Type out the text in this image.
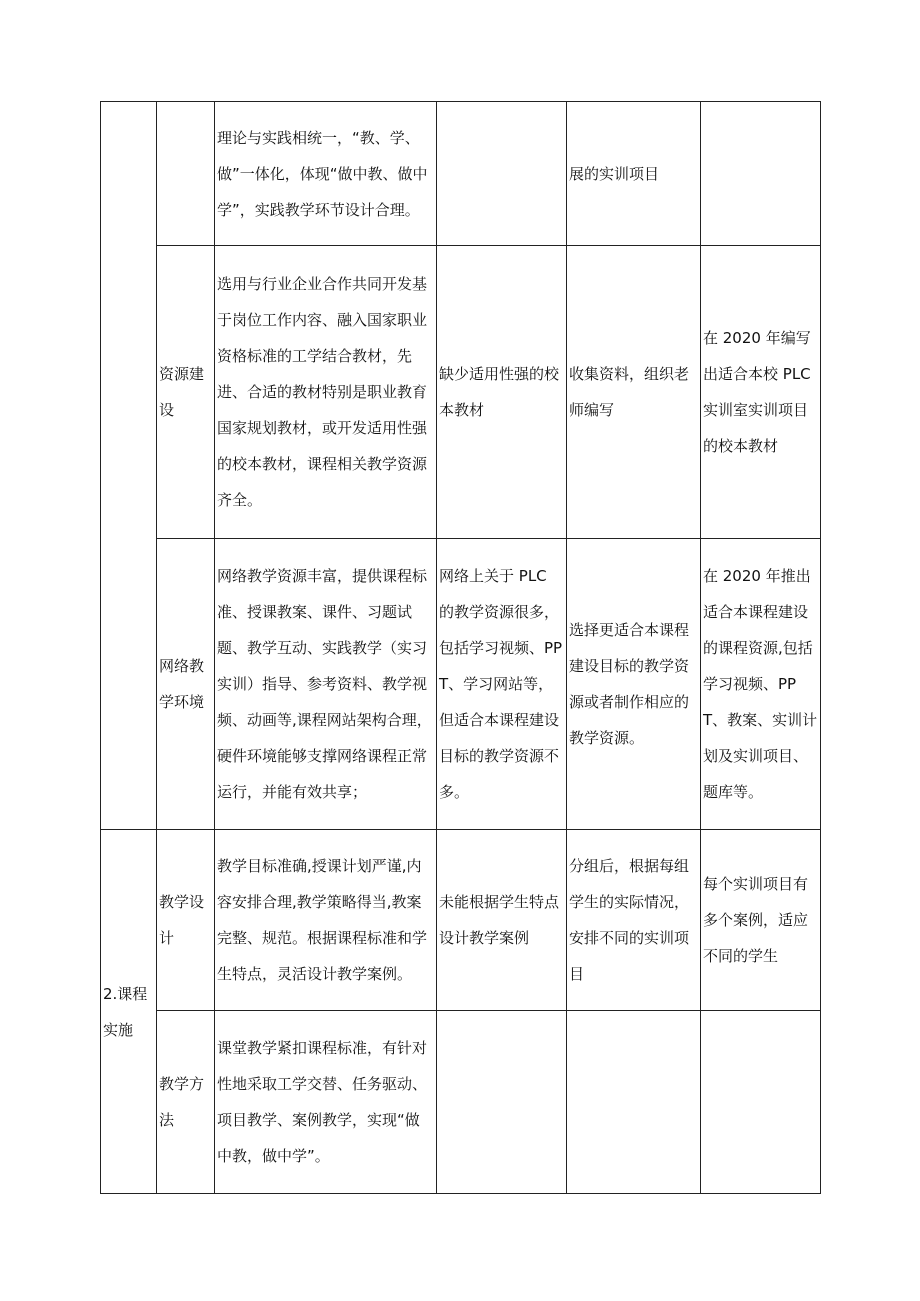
		理论与实践相统一，“教、学、做”一体化，体现“做中教、做中学”，实践教学环节设计合理。		展的实训项目	
	资源建设	选用与行业企业合作共同开发基于岗位工作内容、融入国家职业资格标准的工学结合教材，先进、合适的教材特别是职业教育国家规划教材，或开发适用性强的校本教材，课程相关教学资源齐全。	缺少适用性强的校本教材	收集资料，组织老师编写	在 2020 年编写出适合本校 PLC 实训室实训项目的校本教材
	网络教学环境	网络教学资源丰富，提供课程标准、授课教案、课件、习题试题、教学互动、实践教学（实习实训）指导、参考资料、教学视频、动画等,课程网站架构合理，硬件环境能够支撑网络课程正常运行，并能有效共享；	网络上关于 PLC 的教学资源很多，包括学习视频、PPT、学习网站等，但适合本课程建设目标的教学资源不多。	选择更适合本课程建设目标的教学资源或者制作相应的教学资源。	在 2020 年推出适合本课程建设的课程资源,包括学习视频、PPT、教案、实训计划及实训项目、题库等。
2.课程实施	教学设计	教学目标准确,授课计划严谨,内容安排合理,教学策略得当,教案完整、规范。根据课程标准和学生特点，灵活设计教学案例。	未能根据学生特点设计教学案例	分组后，根据每组学生的实际情况，安排不同的实训项目	每个实训项目有多个案例，适应不同的学生
	教学方法	课堂教学紧扣课程标准，有针对性地采取工学交替、任务驱动、项目教学、案例教学，实现“做中教，做中学”。			
